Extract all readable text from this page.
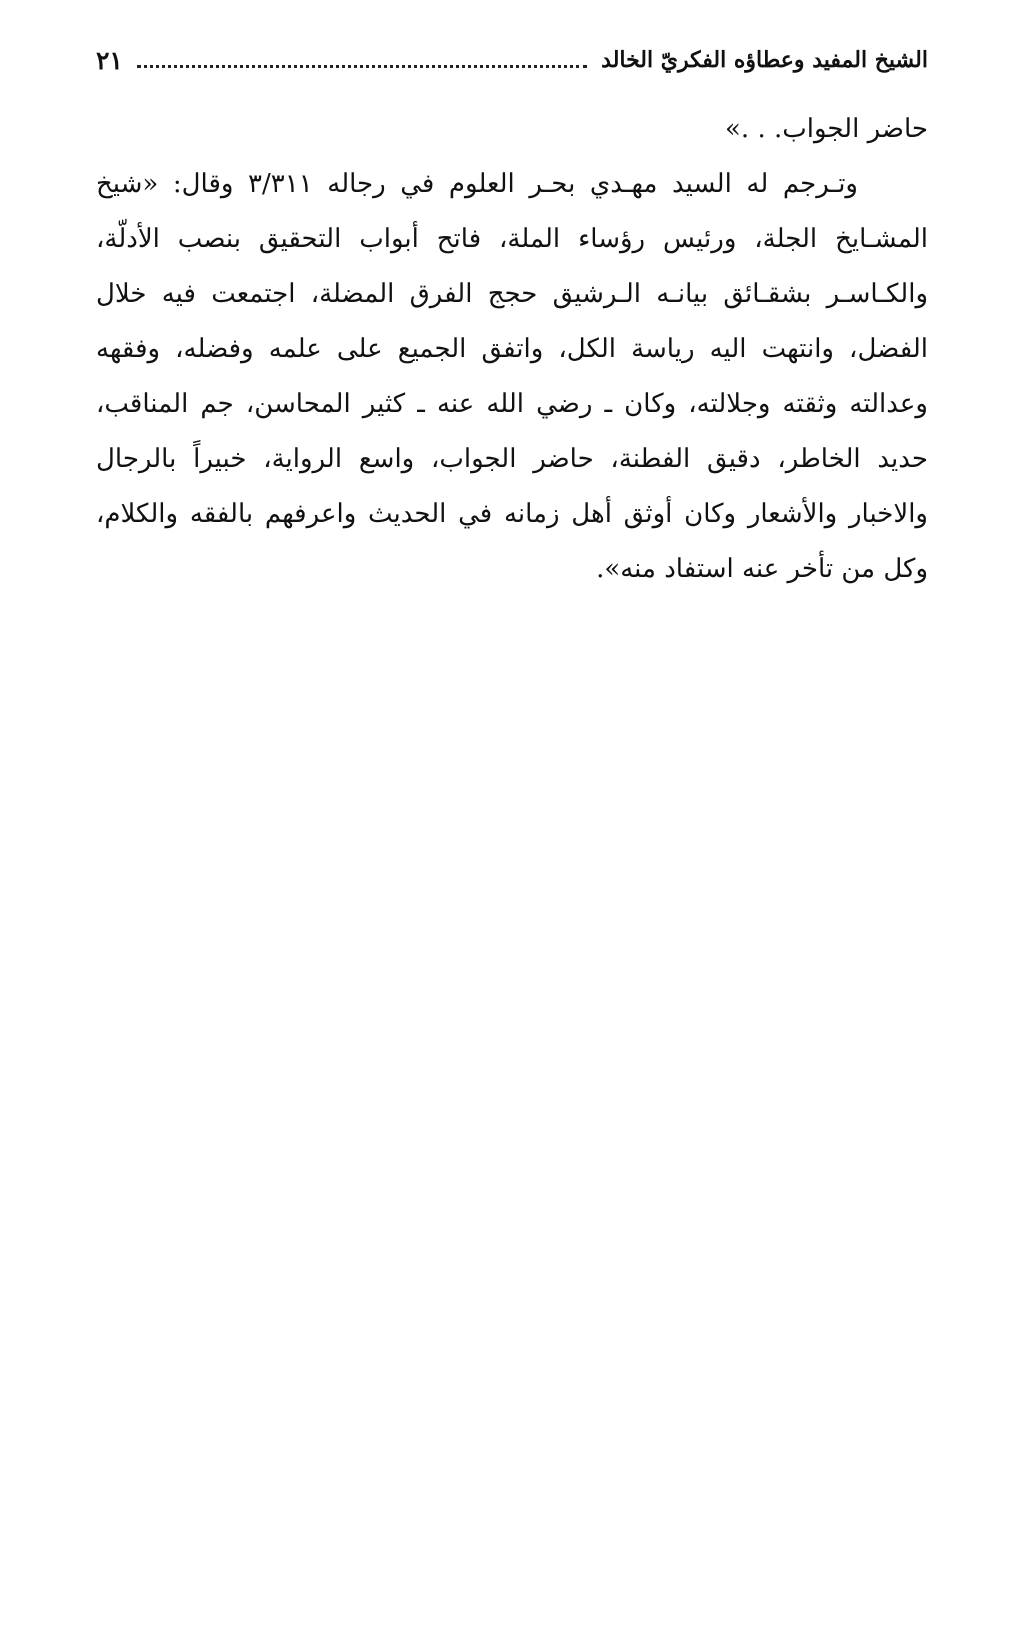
الشيخ المفيد وعطاؤه الفكريّ الخالد
٢١

حاضر الجواب. . .»

وتـرجم له السيد مهـدي بحـر العلوم في رجاله ٣/٣١١ وقال: «شيخ المشـايخ الجلة، ورئيس رؤساء الملة، فاتح أبواب التحقيق بنصب الأدلّة، والكـاسـر بشقـائق بيانـه الـرشيق حجج الفرق المضلة، اجتمعت فيه خلال الفضل، وانتهت اليه رياسة الكل، واتفق الجميع على علمه وفضله، وفقهه وعدالته وثقته وجلالته، وكان ـ رضي الله عنه ـ كثير المحاسن، جم المناقب، حديد الخاطر، دقيق الفطنة، حاضر الجواب، واسع الرواية، خبيراً بالرجال والاخبار والأشعار وكان أوثق أهل زمانه في الحديث واعرفهم بالفقه والكلام، وكل من تأخر عنه استفاد منه».
